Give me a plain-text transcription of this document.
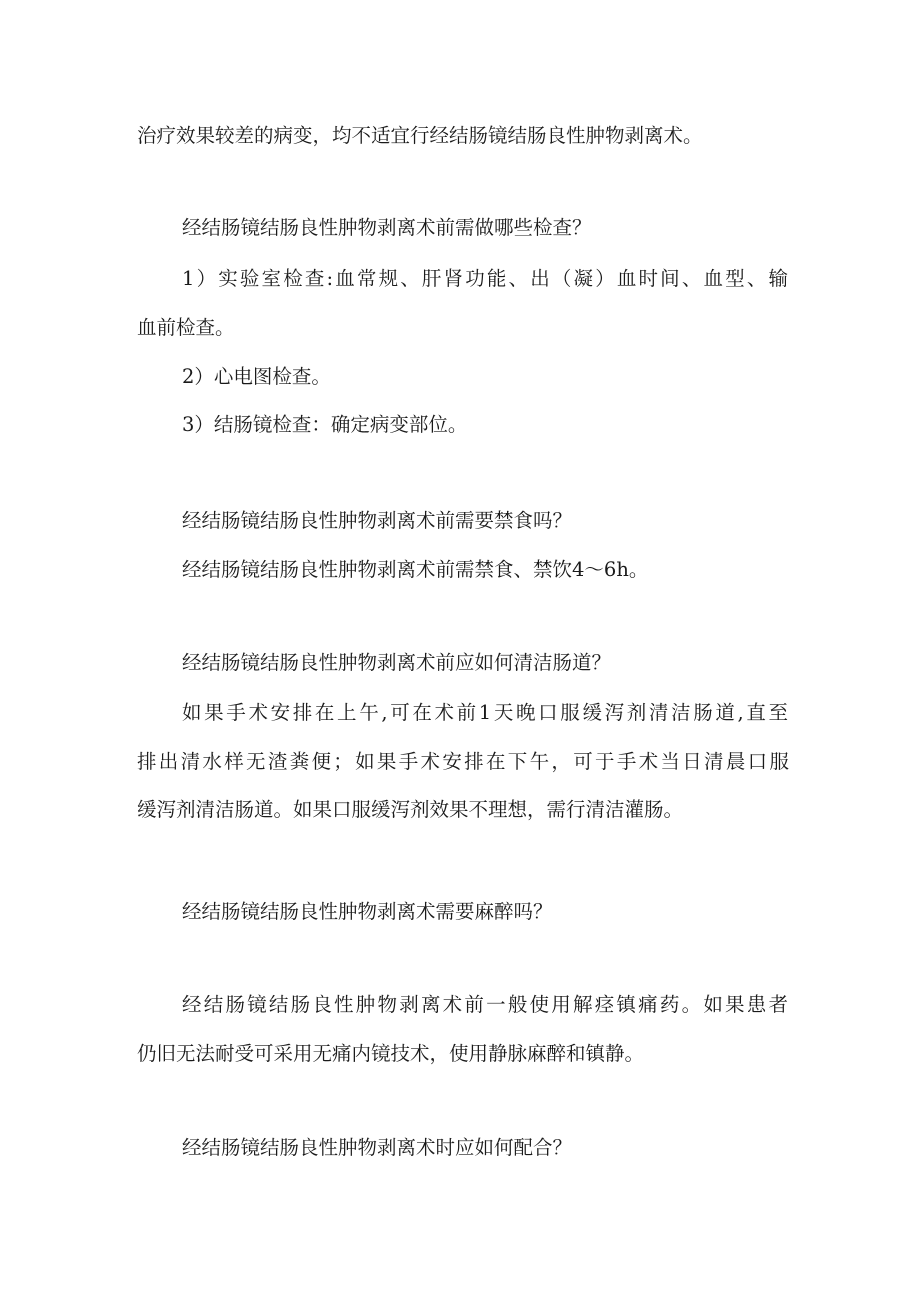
治疗效果较差的病变，均不适宜行经结肠镜结肠良性肿物剥离术。

经结肠镜结肠良性肿物剥离术前需做哪些检查？

1）实验室检查:血常规、肝肾功能、出（凝）血时间、血型、输

血前检查。

2）心电图检查。

3）结肠镜检查：确定病变部位。

经结肠镜结肠良性肿物剥离术前需要禁食吗？

经结肠镜结肠良性肿物剥离术前需禁食、禁饮4～6h。

经结肠镜结肠良性肿物剥离术前应如何清洁肠道？

如果手术安排在上午,可在术前1天晚口服缓泻剂清洁肠道,直至

排出清水样无渣粪便；如果手术安排在下午，可于手术当日清晨口服

缓泻剂清洁肠道。如果口服缓泻剂效果不理想，需行清洁灌肠。

经结肠镜结肠良性肿物剥离术需要麻醉吗？

经结肠镜结肠良性肿物剥离术前一般使用解痉镇痛药。如果患者

仍旧无法耐受可采用无痛内镜技术，使用静脉麻醉和镇静。

经结肠镜结肠良性肿物剥离术时应如何配合？
